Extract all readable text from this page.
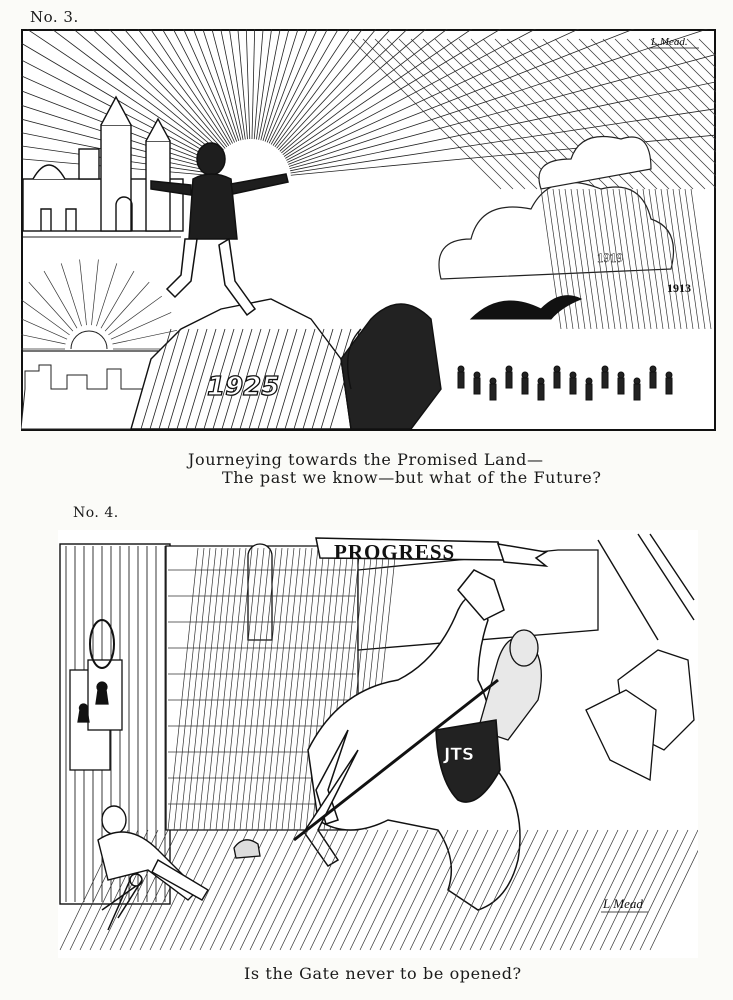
No. 3.
1919
1913
1925
L.Mead.
Journeying towards the Promised Land—
The past we know—but what of the Future?
No. 4.
PROGRESS
JTS
L Mead
Is the Gate never to be opened?
